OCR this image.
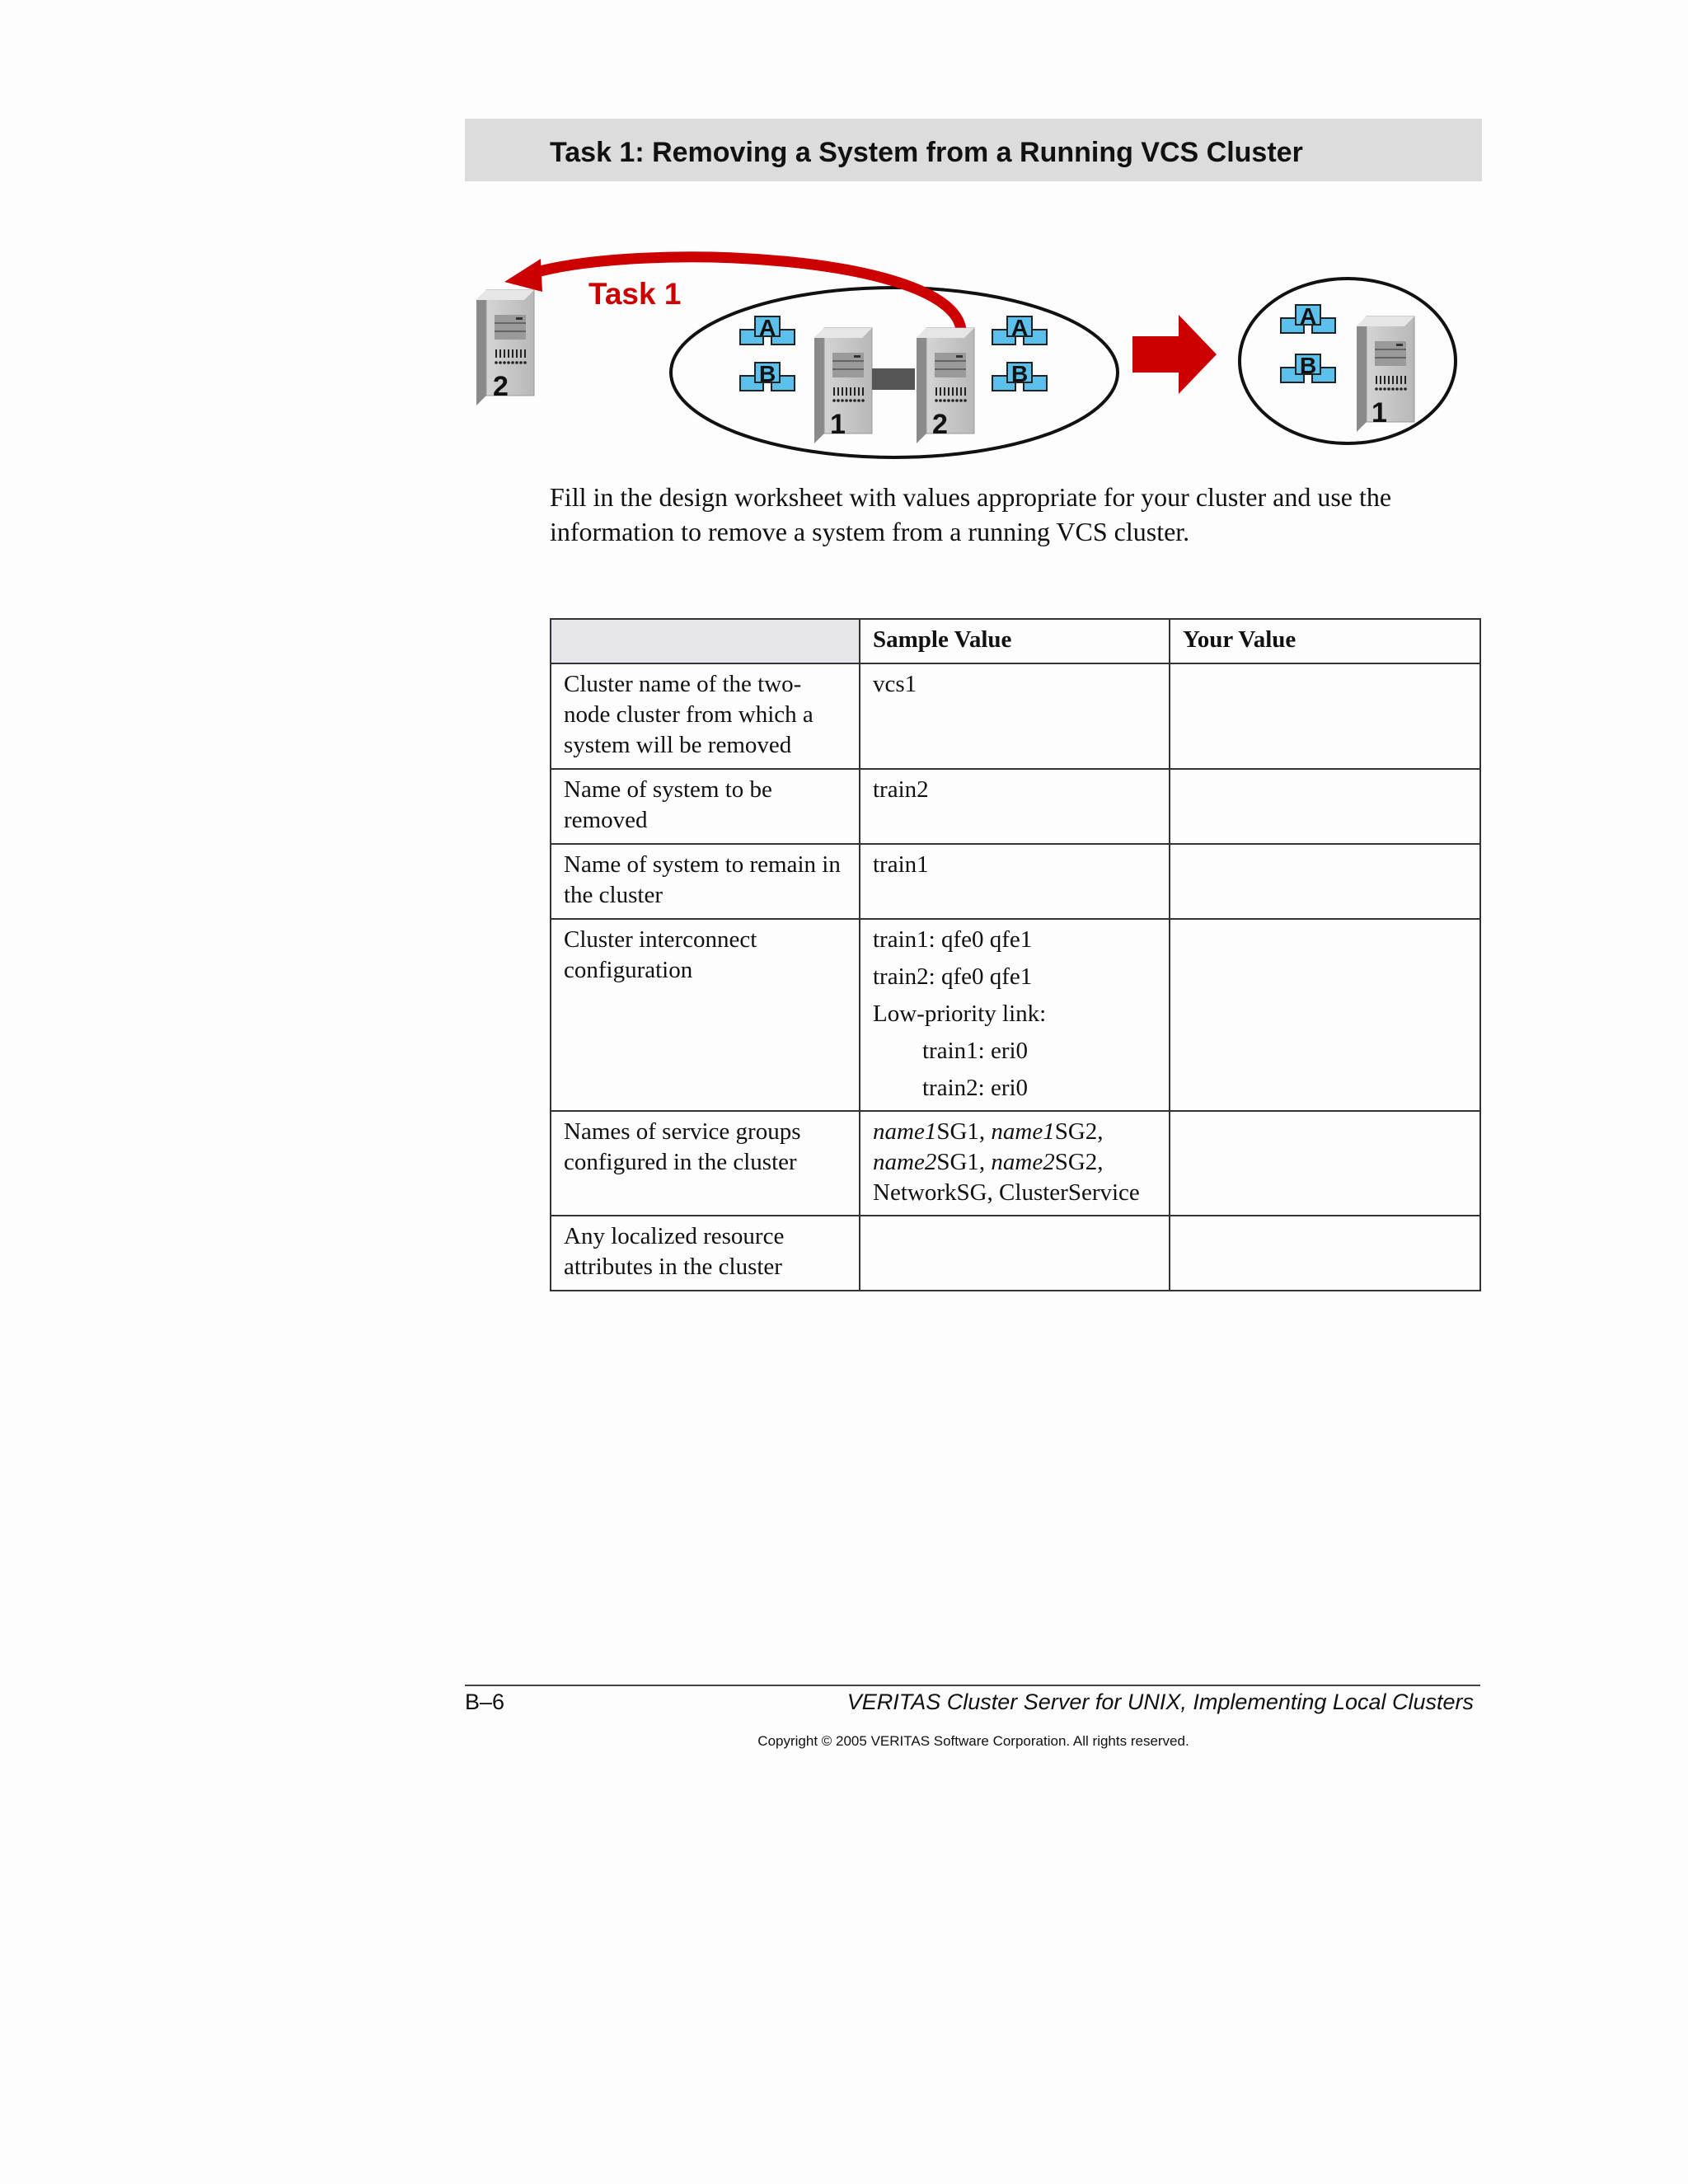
Task 1: Removing a System from a Running VCS Cluster
2
Task 1
A
B
1	2
A
B
A
B
1

Fill in the design worksheet with values appropriate for your cluster and use the information to remove a system from a running VCS cluster.

	Sample Value	Your Value
Cluster name of the two-node cluster from which a system will be removed	vcs1	
Name of system to be removed	train2	
Name of system to remain in the cluster	train1	
Cluster interconnect configuration	train1: qfe0 qfe1
train2: qfe0 qfe1
Low-priority link:
train1: eri0
train2: eri0	

Names of service groups configured in the cluster	name1SG1, name1SG2, name2SG1, name2SG2, NetworkSG, ClusterService	
Any localized resource attributes in the cluster		
B–6	VERITAS Cluster Server for UNIX, Implementing Local Clusters
Copyright © 2005 VERITAS Software Corporation. All rights reserved.
